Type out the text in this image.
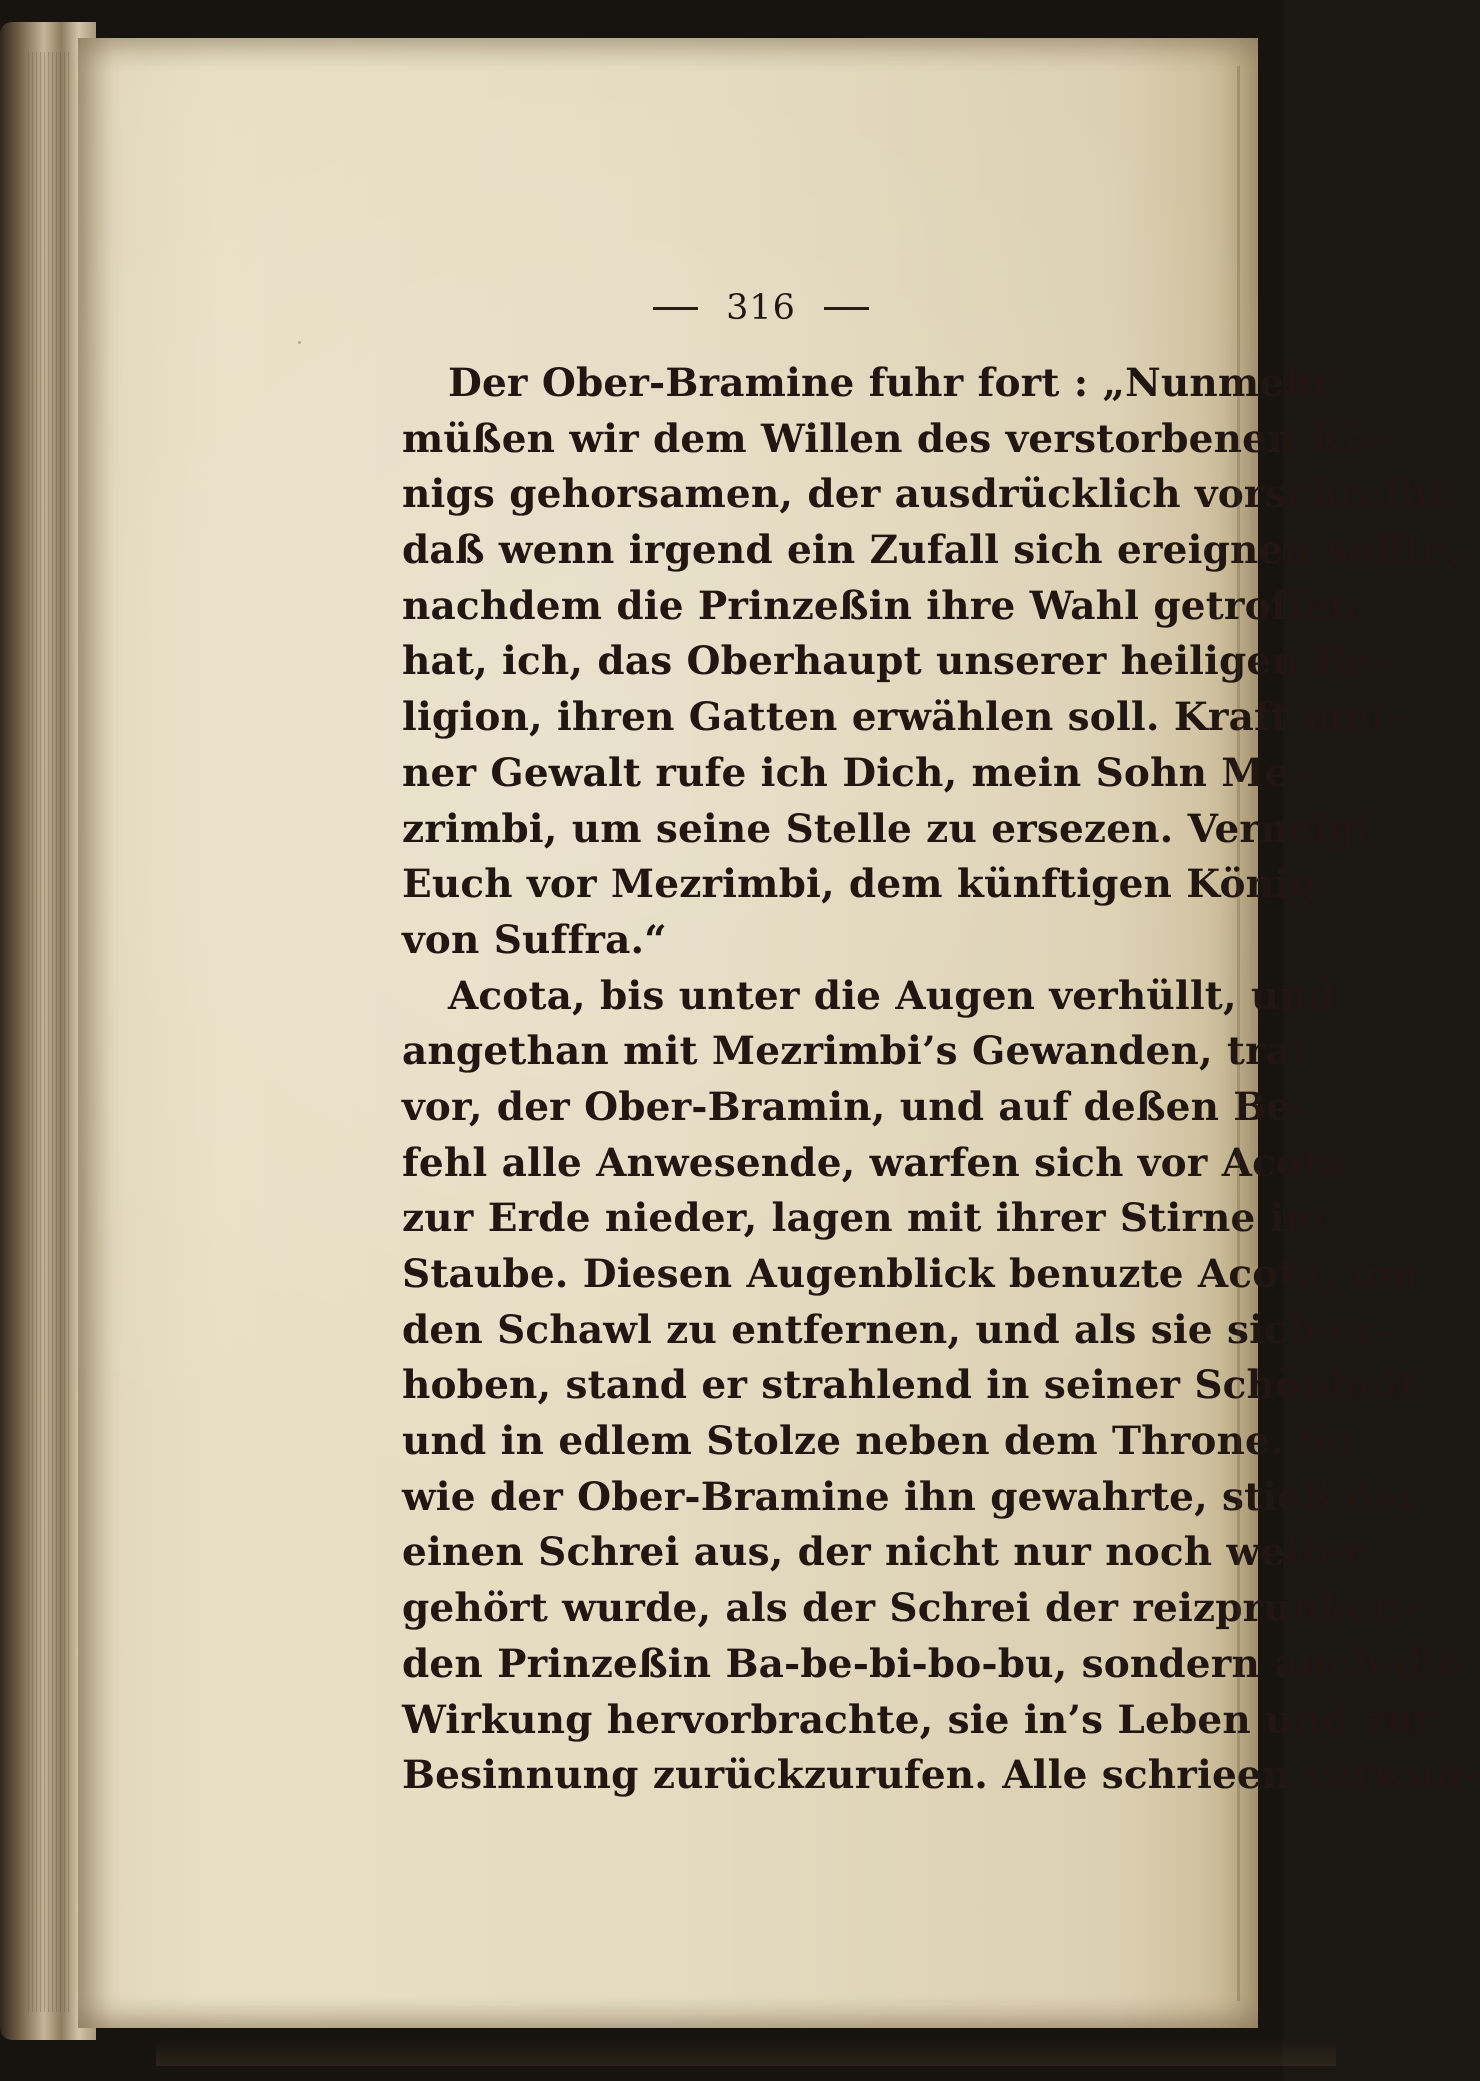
316
Der Ober-Bramine fuhr fort : „Nunmehr
müßen wir dem Willen des verstorbenen Kö-
nigs gehorsamen, der ausdrücklich vorschreibt,
daß wenn irgend ein Zufall sich ereignen sollte,
nachdem die Prinzeßin ihre Wahl getroffen
hat, ich, das Oberhaupt unserer heiligen Re-
ligion, ihren Gatten erwählen soll. Kraft mei-
ner Gewalt rufe ich Dich, mein Sohn Me-
zrimbi, um seine Stelle zu ersezen. Verneigt
Euch vor Mezrimbi, dem künftigen König
von Suffra.“
Acota, bis unter die Augen verhüllt, und
angethan mit Mezrimbi’s Gewanden, trat
vor, der Ober-Bramin, und auf deßen Be-
fehl alle Anwesende, warfen sich vor Acota
zur Erde nieder, lagen mit ihrer Stirne im
Staube. Diesen Augenblick benuzte Acota, um
den Schawl zu entfernen, und als sie sich er-
hoben, stand er strahlend in seiner Schönheit
und in edlem Stolze neben dem Throne. So
wie der Ober-Bramine ihn gewahrte, stieß der
einen Schrei aus, der nicht nur noch weiter
gehört wurde, als der Schrei der reizprunken-
den Prinzeßin Ba-be-bi-bo-bu, sondern auch die
Wirkung hervorbrachte, sie in’s Leben und zur
Besinnung zurückzurufen. Alle schrieen verwun-
